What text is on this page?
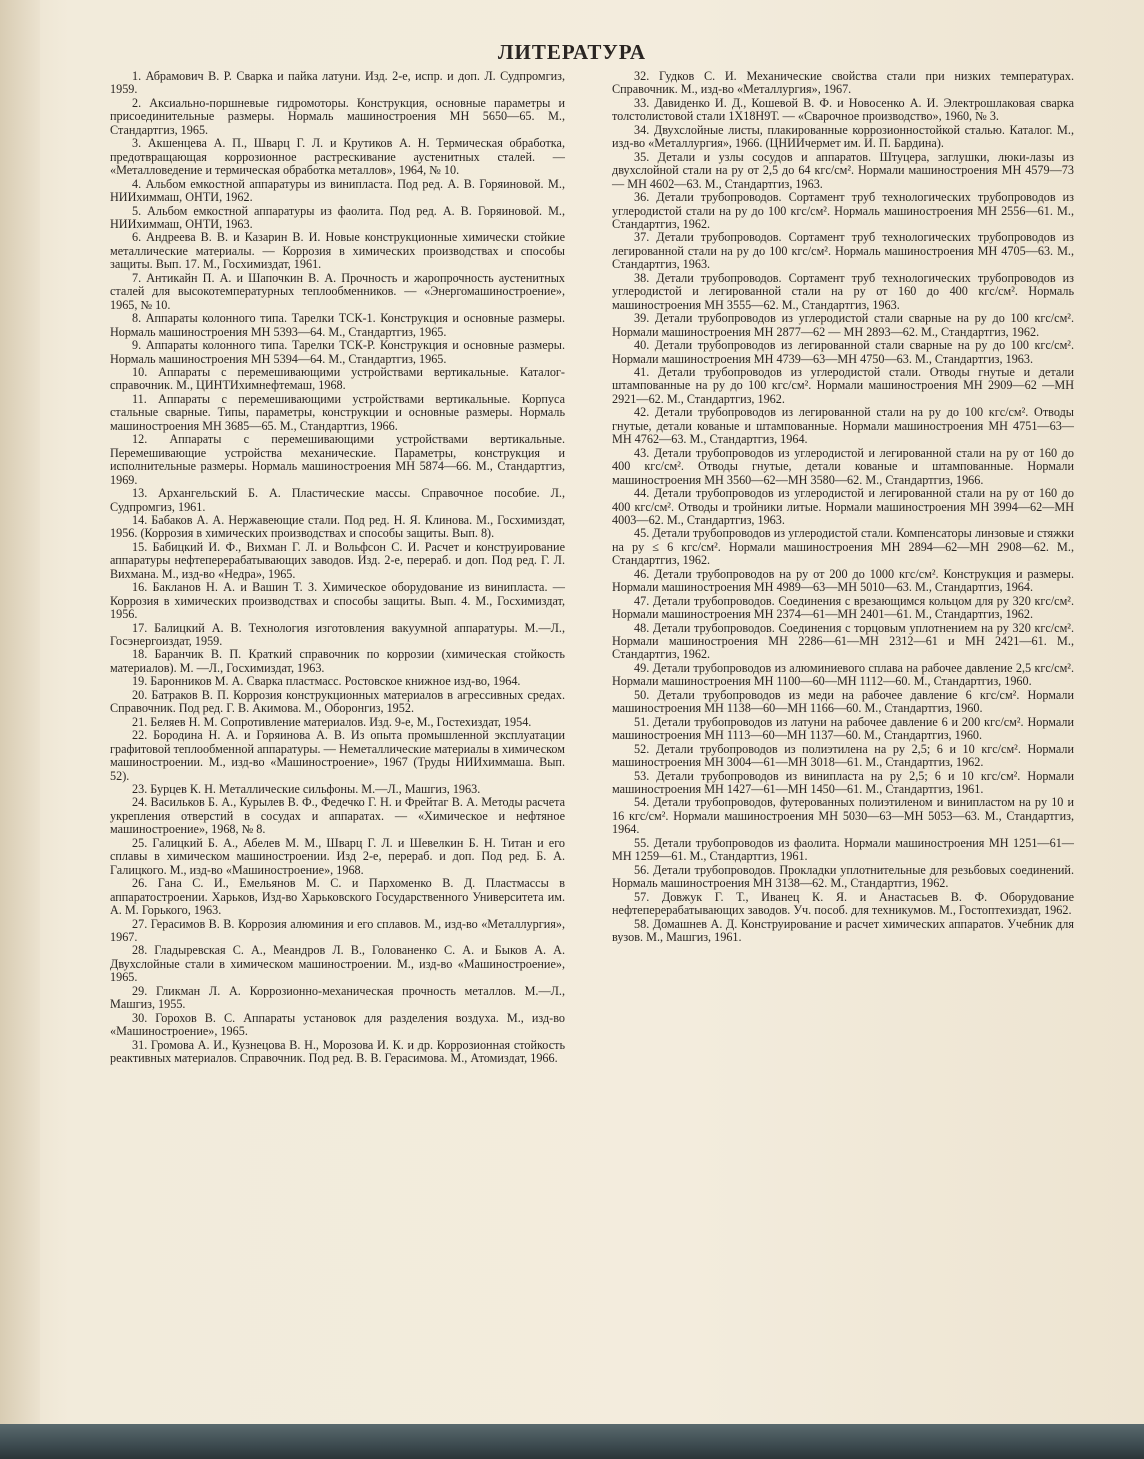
ЛИТЕРАТУРА

1. Абрамович В. Р. Сварка и пайка латуни. Изд. 2-е, испр. и доп. Л. Судпромгиз, 1959.

2. Аксиально-поршневые гидромоторы. Конструкция, основные параметры и присоединительные размеры. Нормаль машиностроения МН 5650—65. М., Стандартгиз, 1965.

3. Акшенцева А. П., Шварц Г. Л. и Крутиков А. Н. Термическая обработка, предотвращающая коррозионное растрескивание аустенитных сталей. — «Металловедение и термическая обработка металлов», 1964, № 10.

4. Альбом емкостной аппаратуры из винипласта. Под ред. А. В. Горяиновой. М., НИИхиммаш, ОНТИ, 1962.

5. Альбом емкостной аппаратуры из фаолита. Под ред. А. В. Горяиновой. М., НИИхиммаш, ОНТИ, 1963.

6. Андреева В. В. и Казарин В. И. Новые конструкционные химически стойкие металлические материалы. — Коррозия в химических производствах и способы защиты. Вып. 17. М., Госхимиздат, 1961.

7. Антикайн П. А. и Шапочкин В. А. Прочность и жаропрочность аустенитных сталей для высокотемпературных теплообменников. — «Энергомашиностроение», 1965, № 10.

8. Аппараты колонного типа. Тарелки ТСК-1. Конструкция и основные размеры. Нормаль машиностроения МН 5393—64. М., Стандартгиз, 1965.

9. Аппараты колонного типа. Тарелки ТСК-Р. Конструкция и основные размеры. Нормаль машиностроения МН 5394—64. М., Стандартгиз, 1965.

10. Аппараты с перемешивающими устройствами вертикальные. Каталог-справочник. М., ЦИНТИхимнефтемаш, 1968.

11. Аппараты с перемешивающими устройствами вертикальные. Корпуса стальные сварные. Типы, параметры, конструкции и основные размеры. Нормаль машиностроения МН 3685—65. М., Стандартгиз, 1966.

12. Аппараты с перемешивающими устройствами вертикальные. Перемешивающие устройства механические. Параметры, конструкция и исполнительные размеры. Нормаль машиностроения МН 5874—66. М., Стандартгиз, 1969.

13. Архангельский Б. А. Пластические массы. Справочное пособие. Л., Судпромгиз, 1961.

14. Бабаков А. А. Нержавеющие стали. Под ред. Н. Я. Клинова. М., Госхимиздат, 1956. (Коррозия в химических производствах и способы защиты. Вып. 8).

15. Бабицкий И. Ф., Вихман Г. Л. и Вольфсон С. И. Расчет и конструирование аппаратуры нефтеперерабатывающих заводов. Изд. 2-е, перераб. и доп. Под ред. Г. Л. Вихмана. М., изд-во «Недра», 1965.

16. Бакланов Н. А. и Вашин Т. З. Химическое оборудование из винипласта. — Коррозия в химических производствах и способы защиты. Вып. 4. М., Госхимиздат, 1956.

17. Балицкий А. В. Технология изготовления вакуумной аппаратуры. М.—Л., Госэнергоиздат, 1959.

18. Баранчик В. П. Краткий справочник по коррозии (химическая стойкость материалов). М. —Л., Госхимиздат, 1963.

19. Баронников М. А. Сварка пластмасс. Ростовское книжное изд-во, 1964.

20. Батраков В. П. Коррозия конструкционных материалов в агрессивных средах. Справочник. Под ред. Г. В. Акимова. М., Оборонгиз, 1952.

21. Беляев Н. М. Сопротивление материалов. Изд. 9-е, М., Гостехиздат, 1954.

22. Бородина Н. А. и Горяинова А. В. Из опыта промышленной эксплуатации графитовой теплообменной аппаратуры. — Неметаллические материалы в химическом машиностроении. М., изд-во «Машиностроение», 1967 (Труды НИИхиммаша. Вып. 52).

23. Бурцев К. Н. Металлические сильфоны. М.—Л., Машгиз, 1963.

24. Васильков Б. А., Курылев В. Ф., Федечко Г. Н. и Фрейтаг В. А. Методы расчета укрепления отверстий в сосудах и аппаратах. — «Химическое и нефтяное машиностроение», 1968, № 8.

25. Галицкий Б. А., Абелев М. М., Шварц Г. Л. и Шевелкин Б. Н. Титан и его сплавы в химическом машиностроении. Изд 2-е, перераб. и доп. Под ред. Б. А. Галицкого. М., изд-во «Машиностроение», 1968.

26. Гана С. И., Емельянов М. С. и Пархоменко В. Д. Пластмассы в аппаратостроении. Харьков, Изд-во Харьковского Государственного Университета им. А. М. Горького, 1963.

27. Герасимов В. В. Коррозия алюминия и его сплавов. М., изд-во «Металлургия», 1967.

28. Гладыревская С. А., Меандров Л. В., Голованенко С. А. и Быков А. А. Двухслойные стали в химическом машиностроении. М., изд-во «Машиностроение», 1965.

29. Гликман Л. А. Коррозионно-механическая прочность металлов. М.—Л., Машгиз, 1955.

30. Горохов В. С. Аппараты установок для разделения воздуха. М., изд-во «Машиностроение», 1965.

31. Громова А. И., Кузнецова В. Н., Морозова И. К. и др. Коррозионная стойкость реактивных материалов. Справочник. Под ред. В. В. Герасимова. М., Атомиздат, 1966.

32. Гудков С. И. Механические свойства стали при низких температурах. Справочник. М., изд-во «Металлургия», 1967.

33. Давиденко И. Д., Кошевой В. Ф. и Новосенко А. И. Электрошлаковая сварка толстолистовой стали 1Х18Н9Т. — «Сварочное производство», 1960, № 3.

34. Двухслойные листы, плакированные коррозионностойкой сталью. Каталог. М., изд-во «Металлургия», 1966. (ЦНИИчермет им. И. П. Бардина).

35. Детали и узлы сосудов и аппаратов. Штуцера, заглушки, люки-лазы из двухслойной стали на py от 2,5 до 64 кгс/см². Нормали машиностроения МН 4579—73 — МН 4602—63. М., Стандартгиз, 1963.

36. Детали трубопроводов. Сортамент труб технологических трубопроводов из углеродистой стали на py до 100 кгс/см². Нормаль машиностроения МН 2556—61. М., Стандартгиз, 1962.

37. Детали трубопроводов. Сортамент труб технологических трубопроводов из легированной стали на py до 100 кгс/см². Нормаль машиностроения МН 4705—63. М., Стандартгиз, 1963.

38. Детали трубопроводов. Сортамент труб технологических трубопроводов из углеродистой и легированной стали на py от 160 до 400 кгс/см². Нормаль машиностроения МН 3555—62. М., Стандартгиз, 1963.

39. Детали трубопроводов из углеродистой стали сварные на py до 100 кгс/см². Нормали машиностроения МН 2877—62 — МН 2893—62. М., Стандартгиз, 1962.

40. Детали трубопроводов из легированной стали сварные на py до 100 кгс/см². Нормали машиностроения МН 4739—63—МН 4750—63. М., Стандартгиз, 1963.

41. Детали трубопроводов из углеродистой стали. Отводы гнутые и детали штампованные на py до 100 кгс/см². Нормали машиностроения МН 2909—62 —МН 2921—62. М., Стандартгиз, 1962.

42. Детали трубопроводов из легированной стали на py до 100 кгс/см². Отводы гнутые, детали кованые и штампованные. Нормали машиностроения МН 4751—63—МН 4762—63. М., Стандартгиз, 1964.

43. Детали трубопроводов из углеродистой и легированной стали на py от 160 до 400 кгс/см². Отводы гнутые, детали кованые и штампованные. Нормали машиностроения МН 3560—62—МН 3580—62. М., Стандартгиз, 1966.

44. Детали трубопроводов из углеродистой и легированной стали на py от 160 до 400 кгс/см². Отводы и тройники литые. Нормали машиностроения МН 3994—62—МН 4003—62. М., Стандартгиз, 1963.

45. Детали трубопроводов из углеродистой стали. Компенсаторы линзовые и стяжки на py ≤ 6 кгс/см². Нормали машиностроения МН 2894—62—МН 2908—62. М., Стандартгиз, 1962.

46. Детали трубопроводов на py от 200 до 1000 кгс/см². Конструкция и размеры. Нормали машиностроения МН 4989—63—МН 5010—63. М., Стандартгиз, 1964.

47. Детали трубопроводов. Соединения с врезающимся кольцом для py 320 кгс/см². Нормали машиностроения МН 2374—61—МН 2401—61. М., Стандартгиз, 1962.

48. Детали трубопроводов. Соединения с торцовым уплотнением на py 320 кгс/см². Нормали машиностроения МН 2286—61—МН 2312—61 и МН 2421—61. М., Стандартгиз, 1962.

49. Детали трубопроводов из алюминиевого сплава на рабочее давление 2,5 кгс/см². Нормали машиностроения МН 1100—60—МН 1112—60. М., Стандартгиз, 1960.

50. Детали трубопроводов из меди на рабочее давление 6 кгс/см². Нормали машиностроения МН 1138—60—МН 1166—60. М., Стандартгиз, 1960.

51. Детали трубопроводов из латуни на рабочее давление 6 и 200 кгс/см². Нормали машиностроения МН 1113—60—МН 1137—60. М., Стандартгиз, 1960.

52. Детали трубопроводов из полиэтилена на py 2,5; 6 и 10 кгс/см². Нормали машиностроения МН 3004—61—МН 3018—61. М., Стандартгиз, 1962.

53. Детали трубопроводов из винипласта на py 2,5; 6 и 10 кгс/см². Нормали машиностроения МН 1427—61—МН 1450—61. М., Стандартгиз, 1961.

54. Детали трубопроводов, футерованных полиэтиленом и винипластом на py 10 и 16 кгс/см². Нормали машиностроения МН 5030—63—МН 5053—63. М., Стандартгиз, 1964.

55. Детали трубопроводов из фаолита. Нормали машиностроения МН 1251—61—МН 1259—61. М., Стандартгиз, 1961.

56. Детали трубопроводов. Прокладки уплотнительные для резьбовых соединений. Нормаль машиностроения МН 3138—62. М., Стандартгиз, 1962.

57. Довжук Г. Т., Иванец К. Я. и Анастасьев В. Ф. Оборудование нефтеперерабатывающих заводов. Уч. пособ. для техникумов. М., Гостоптехиздат, 1962.

58. Домашнев А. Д. Конструирование и расчет химических аппаратов. Учебник для вузов. М., Машгиз, 1961.
